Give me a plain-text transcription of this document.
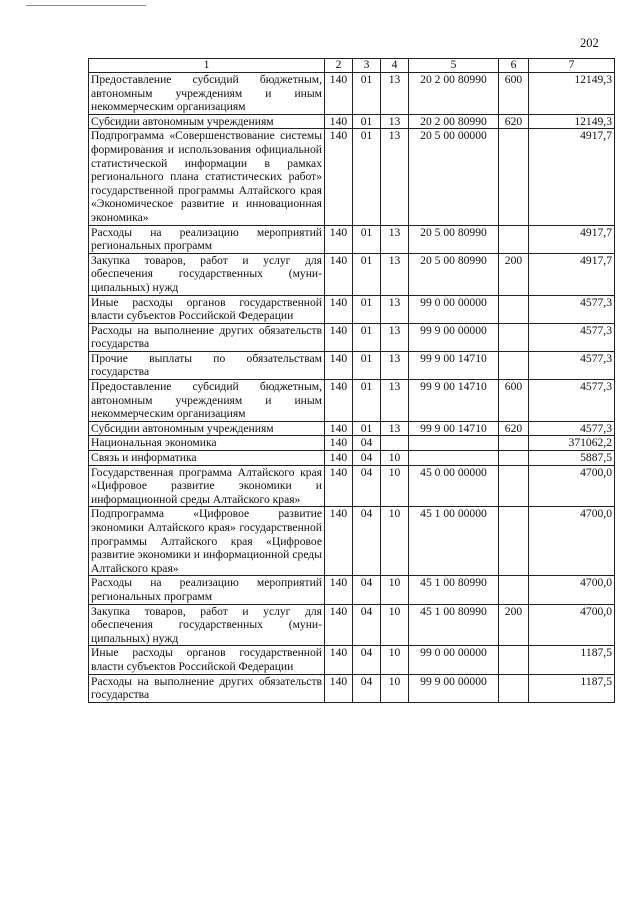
202
1	2	3	4	5	6	7
Предоставление субсидий бюджетным, автономным учреждениям и иным некоммерческим организациям	140	01	13	20 2 00 80990	600	12149,3
Субсидии автономным учреждениям	140	01	13	20 2 00 80990	620	12149,3
Подпрограмма «Совершенствование системы формирования и использования официальной статистической информации в рамках регионального плана статистических работ» государственной программы Алтайского края «Экономическое развитие и инновационная экономика»	140	01	13	20 5 00 00000		4917,7
Расходы на реализацию мероприятий региональных программ	140	01	13	20 5 00 80990		4917,7
Закупка товаров, работ и услуг для обеспечения государственных (муниципальных) нужд	140	01	13	20 5 00 80990	200	4917,7
Иные расходы органов государственной власти субъектов Российской Федерации	140	01	13	99 0 00 00000		4577,3
Расходы на выполнение других обязательств государства	140	01	13	99 9 00 00000		4577,3
Прочие выплаты по обязательствам государства	140	01	13	99 9 00 14710		4577,3
Предоставление субсидий бюджетным, автономным учреждениям и иным некоммерческим организациям	140	01	13	99 9 00 14710	600	4577,3
Субсидии автономным учреждениям	140	01	13	99 9 00 14710	620	4577,3
Национальная экономика	140	04				371062,2
Связь и информатика	140	04	10			5887,5
Государственная программа Алтайского края «Цифровое развитие экономики и информационной среды Алтайского края»	140	04	10	45 0 00 00000		4700,0
Подпрограмма «Цифровое развитие экономики Алтайского края» государственной программы Алтайского края «Цифровое развитие экономики и информационной среды Алтайского края»	140	04	10	45 1 00 00000		4700,0
Расходы на реализацию мероприятий региональных программ	140	04	10	45 1 00 80990		4700,0
Закупка товаров, работ и услуг для обеспечения государственных (муниципальных) нужд	140	04	10	45 1 00 80990	200	4700,0
Иные расходы органов государственной власти субъектов Российской Федерации	140	04	10	99 0 00 00000		1187,5
Расходы на выполнение других обязательств государства	140	04	10	99 9 00 00000		1187,5
